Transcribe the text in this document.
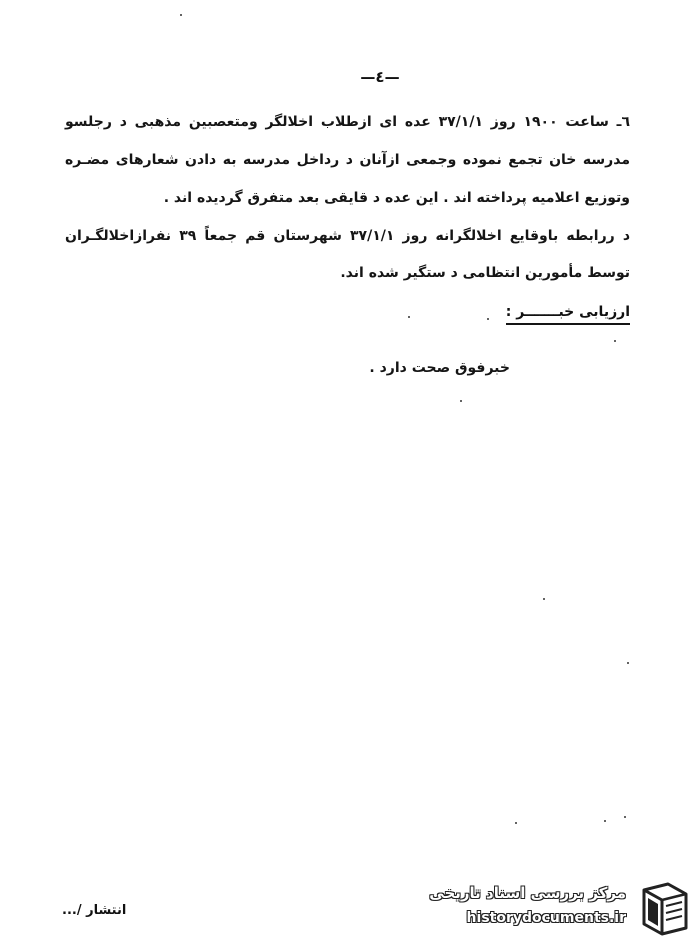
—٤—
٦ـ ساعت ١٩٠٠ روز ٣٧/١/١ عده ای ازطلاب اخلالگر ومتعصبین مذهبی د رجلسو
مدرسه خان تجمع نموده وجمعی ازآنان د رداخل مدرسه به دادن شعارهای مضـره
وتوزیع اعلامیه پرداخته اند . این عده د قایقی بعد متفرق گردیده اند .
د ررابطه باوقایع اخلالگرانه روز ٣٧/١/١ شهرستان قم جمعاً ٣٩ نفرازاخلالگـران
توسط مأمورین انتظامی د ستگیر شده اند.
ارزیابی خبـــــــر :
خبرفوق صحت دارد .
انتشار /...
مرکز بررسی اسناد تاریخی
historydocuments.ir
